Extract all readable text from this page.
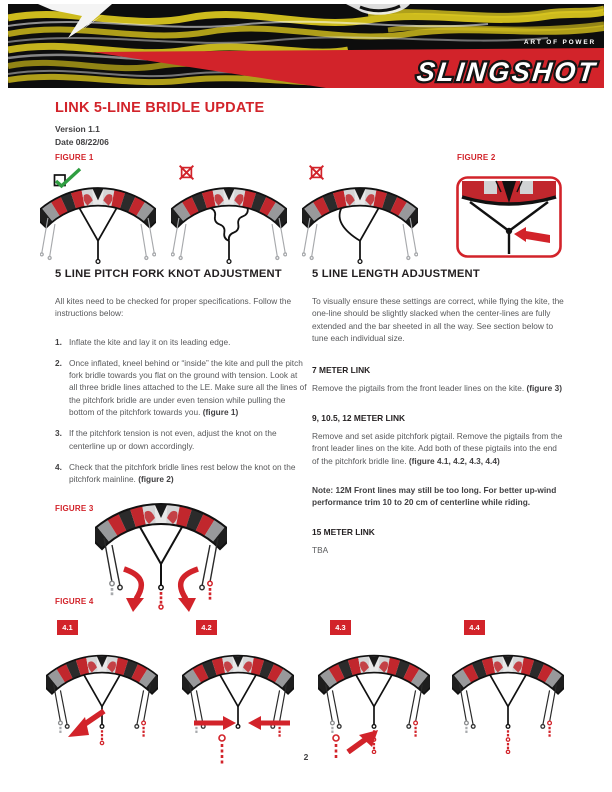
ART OF POWER
SLINGSHOT
LINK 5-LINE BRIDLE UPDATE
Version 1.1
Date 08/22/06
FIGURE 1	FIGURE 2
5 LINE PITCH FORK KNOT ADJUSTMENT

All kites need to be checked for proper specifications. Follow the instructions below:

1. Inflate the kite and lay it on its leading edge.
2. Once inflated, kneel behind or “inside” the kite and pull the pitch fork bridle towards you flat on the ground with tension. Look at all three bridle lines attached to the LE. Make sure all the lines of the pitchfork bridle are under even tension while pulling the bottom of the pitchfork towards you. (figure 1)
3. If the pitchfork tension is not even, adjust the knot on the centerline up or down accordingly.
4. Check that the pitchfork bridle lines rest below the knot on the pitchfork mainline. (figure 2)
5 LINE LENGTH ADJUSTMENT

To visually ensure these settings are correct, while flying the kite, the one-line should be slightly slacked when the center-lines are fully extended and the bar sheeted in all the way. See section below to tune each individual size.

7 METER LINK
Remove the pigtails from the front leader lines on the kite. (figure 3)
9, 10.5, 12 METER LINK
Remove and set aside pitchfork pigtail. Remove the pigtails from the front leader lines on the kite. Add both of these pigtails into the end of the pitchfork bridle line. (figure 4.1, 4.2, 4.3, 4.4)
Note: 12M Front lines may still be too long. For better up-wind performance trim 10 to 20 cm of centerline while riding.
15 METER LINK
TBA
FIGURE 3
FIGURE 4
4.1	4.2	4.3	4.4
2
